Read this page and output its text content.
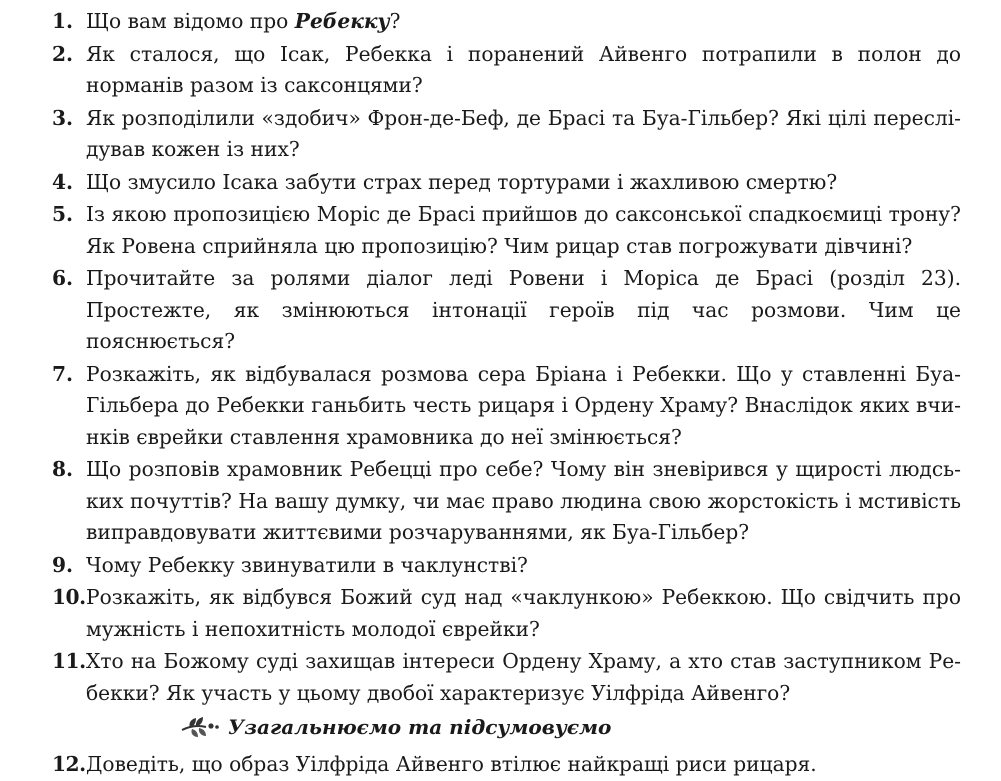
1. Що вам відомо про Ребекку?
2. Як сталося, що Ісак, Ребекка і поранений Айвенго потрапили в полон до норманів разом із саксонцями?
3. Як розподілили «здобич» Фрон-де-Беф, де Брасі та Буа-Гільбер? Які цілі переслідував кожен із них?
4. Що змусило Ісака забути страх перед тортурами і жахливою смертю?
5. Із якою пропозицією Моріс де Брасі прийшов до саксонської спадкоємиці трону? Як Ровена сприйняла цю пропозицію? Чим рицар став погрожувати дівчині?
6. Прочитайте за ролями діалог леді Ровени і Моріса де Брасі (розділ 23). Простежте, як змінюються інтонації героїв під час розмови. Чим це пояснюється?
7. Розкажіть, як відбувалася розмова сера Бріана і Ребекки. Що у ставленні Буа-Гільбера до Ребекки ганьбить честь рицаря і Ордену Храму? Внаслідок яких вчинків єврейки ставлення храмовника до неї змінюється?
8. Що розповів храмовник Ребецці про себе? Чому він зневірився у щирості людських почуттів? На вашу думку, чи має право людина свою жорстокість і мстивість виправдовувати життєвими розчаруваннями, як Буа-Гільбер?
9. Чому Ребекку звинуватили в чаклунстві?
10. Розкажіть, як відбувся Божий суд над «чаклункою» Ребеккою. Що свідчить про мужність і непохитність молодої єврейки?
11. Хто на Божому суді захищав інтереси Ордену Храму, а хто став заступником Ребекки? Як участь у цьому двобої характеризує Уілфріда Айвенго?
Узагальнюємо та підсумовуємо
12. Доведіть, що образ Уілфріда Айвенго втілює найкращі риси рицаря.
